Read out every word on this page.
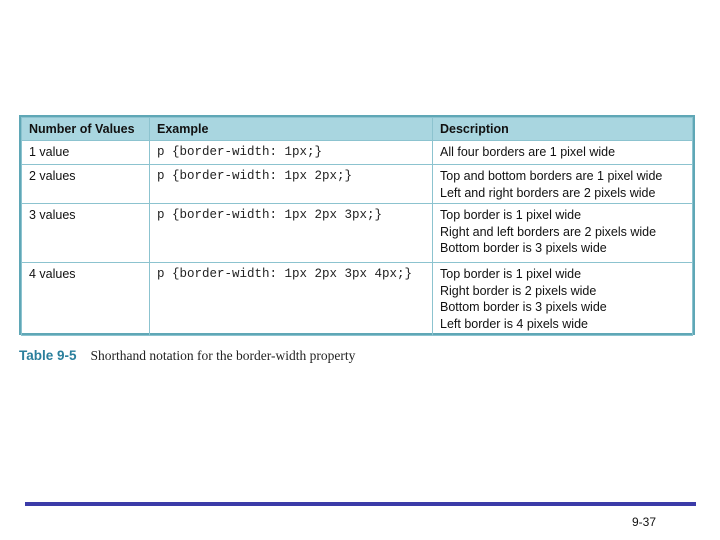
Number of Values	Example	Description
1 value	p {border-width: 1px;}	All four borders are 1 pixel wide

2 values	p {border-width: 1px 2px;}	Top and bottom borders are 1 pixel wide
Left and right borders are 2 pixels wide

3 values	p {border-width: 1px 2px 3px;}	Top border is 1 pixel wide
Right and left borders are 2 pixels wide
Bottom border is 3 pixels wide

4 values	p {border-width: 1px 2px 3px 4px;}	Top border is 1 pixel wide
Right border is 2 pixels wide
Bottom border is 3 pixels wide
Left border is 4 pixels wide
Table 9-5 Shorthand notation for the border-width property
9-37
